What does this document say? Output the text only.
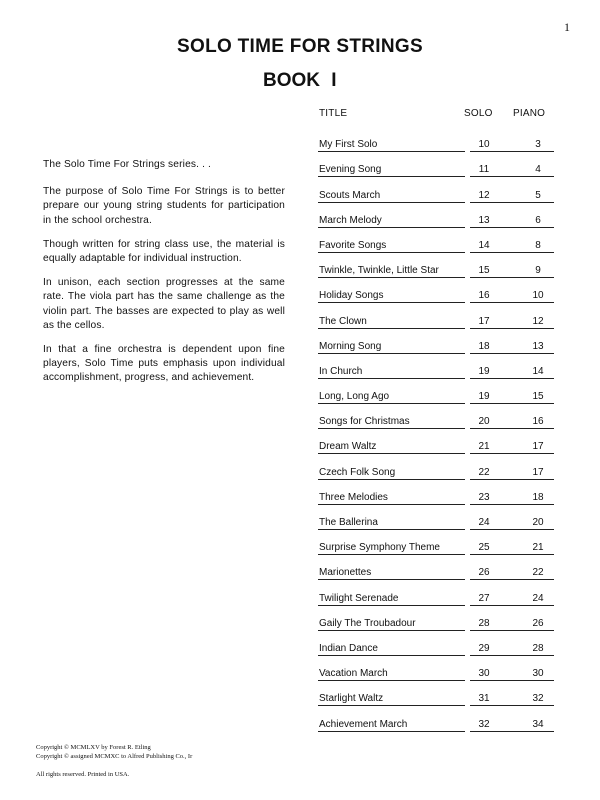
1
SOLO TIME FOR STRINGS
BOOK I

The Solo Time For Strings series. . .

The purpose of Solo Time For Strings is to better prepare our young string students for participation in the school orchestra.

Though written for string class use, the material is equally adaptable for individual instruction.

In unison, each section progresses at the same rate. The viola part has the same challenge as the violin part. The basses are expected to play as well as the cellos.

In that a fine orchestra is dependent upon fine players, Solo Time puts emphasis upon individual accomplishment, progress, and achievement.

TITLE	SOLO PIANO
My First Solo	10	3
Evening Song	11	4
Scouts March	12	5
March Melody	13	6
Favorite Songs	14	8
Twinkle, Twinkle, Little Star	15	9
Holiday Songs	16	10
The Clown	17	12
Morning Song	18	13
In Church	19	14
Long, Long Ago	19	15
Songs for Christmas	20	16
Dream Waltz	21	17
Czech Folk Song	22	17
Three Melodies	23	18
The Ballerina	24	20
Surprise Symphony Theme	25	21
Marionettes	26	22
Twilight Serenade	27	24
Gaily The Troubadour	28	26
Indian Dance	29	28
Vacation March	30	30
Starlight Waltz	31	32
Achievement March	32	34
Copyright © MCMLXV by Forest R. Etling
Copyright © assigned MCMXC to Alfred Publishing Co., Ir
All rights reserved. Printed in USA.
